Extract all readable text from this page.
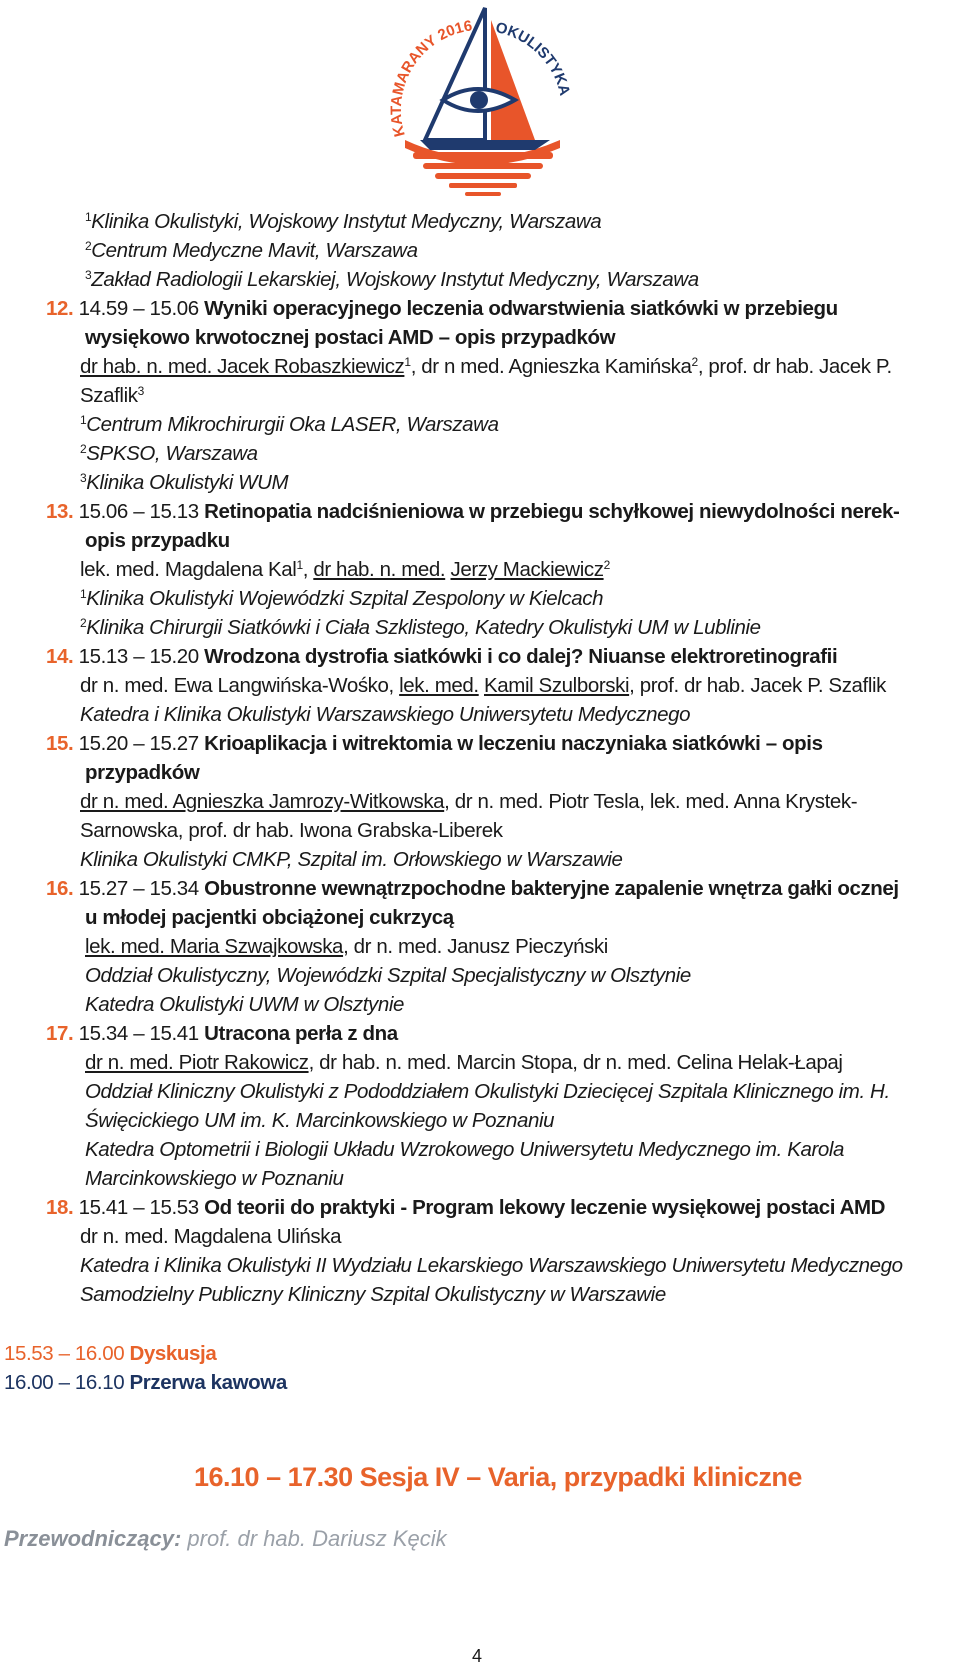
KATAMARANY 2016 OKULISTYKA
$^1$Klinika Okulistyki, Wojskowy Instytut Medyczny, Warszawa
$^2$Centrum Medyczne Mavit, Warszawa
$^3$Zakład Radiologii Lekarskiej, Wojskowy Instytut Medyczny, Warszawa
12. 14.59 – 15.06 Wyniki operacyjnego leczenia odwarstwienia siatkówki w przebiegu
wysiękowo krwotocznej postaci AMD – opis przypadków
dr hab. n. med. Jacek Robaszkiewicz$^1$, dr n med. Agnieszka Kamińska$^2$, prof. dr hab. Jacek P.
Szaflik$^3$
$^1$Centrum Mikrochirurgii Oka LASER, Warszawa
$^2$SPKSO, Warszawa
$^3$Klinika Okulistyki WUM
13. 15.06 – 15.13 Retinopatia nadciśnieniowa w przebiegu schyłkowej niewydolności nerek-
opis przypadku
lek. med. Magdalena Kal$^1$, dr hab. n. med. Jerzy Mackiewicz$^2$
$^1$Klinika Okulistyki Wojewódzki Szpital Zespolony w Kielcach
$^2$Klinika Chirurgii Siatkówki i Ciała Szklistego, Katedry Okulistyki UM w Lublinie
14. 15.13 – 15.20 Wrodzona dystrofia siatkówki i co dalej? Niuanse elektroretinografii
dr n. med. Ewa Langwińska-Wośko, lek. med. Kamil Szulborski, prof. dr hab. Jacek P. Szaflik
Katedra i Klinika Okulistyki Warszawskiego Uniwersytetu Medycznego
15. 15.20 – 15.27 Krioaplikacja i witrektomia w leczeniu naczyniaka siatkówki – opis
przypadków
dr n. med. Agnieszka Jamrozy-Witkowska, dr n. med. Piotr Tesla, lek. med. Anna Krystek-
Sarnowska, prof. dr hab. Iwona Grabska-Liberek
Klinika Okulistyki CMKP, Szpital im. Orłowskiego w Warszawie
16. 15.27 – 15.34 Obustronne wewnątrzpochodne bakteryjne zapalenie wnętrza gałki ocznej
u młodej pacjentki obciążonej cukrzycą
lek. med. Maria Szwajkowska, dr n. med. Janusz Pieczyński
Oddział Okulistyczny, Wojewódzki Szpital Specjalistyczny w Olsztynie
Katedra Okulistyki UWM w Olsztynie
17. 15.34 – 15.41 Utracona perła z dna
dr n. med. Piotr Rakowicz, dr hab. n. med. Marcin Stopa, dr n. med. Celina Helak-Łapaj
Oddział Kliniczny Okulistyki z Pododdziałem Okulistyki Dziecięcej Szpitala Klinicznego im. H.
Święcickiego UM im. K. Marcinkowskiego w Poznaniu
Katedra Optometrii i Biologii Układu Wzrokowego Uniwersytetu Medycznego im. Karola
Marcinkowskiego w Poznaniu
18. 15.41 – 15.53 Od teorii do praktyki - Program lekowy leczenie wysiękowej postaci AMD
dr n. med. Magdalena Ulińska
Katedra i Klinika Okulistyki II Wydziału Lekarskiego Warszawskiego Uniwersytetu Medycznego
Samodzielny Publiczny Kliniczny Szpital Okulistyczny w Warszawie
15.53 – 16.00 Dyskusja
16.00 – 16.10 Przerwa kawowa
16.10 – 17.30 Sesja IV – Varia, przypadki kliniczne
Przewodniczący: prof. dr hab. Dariusz Kęcik
4
